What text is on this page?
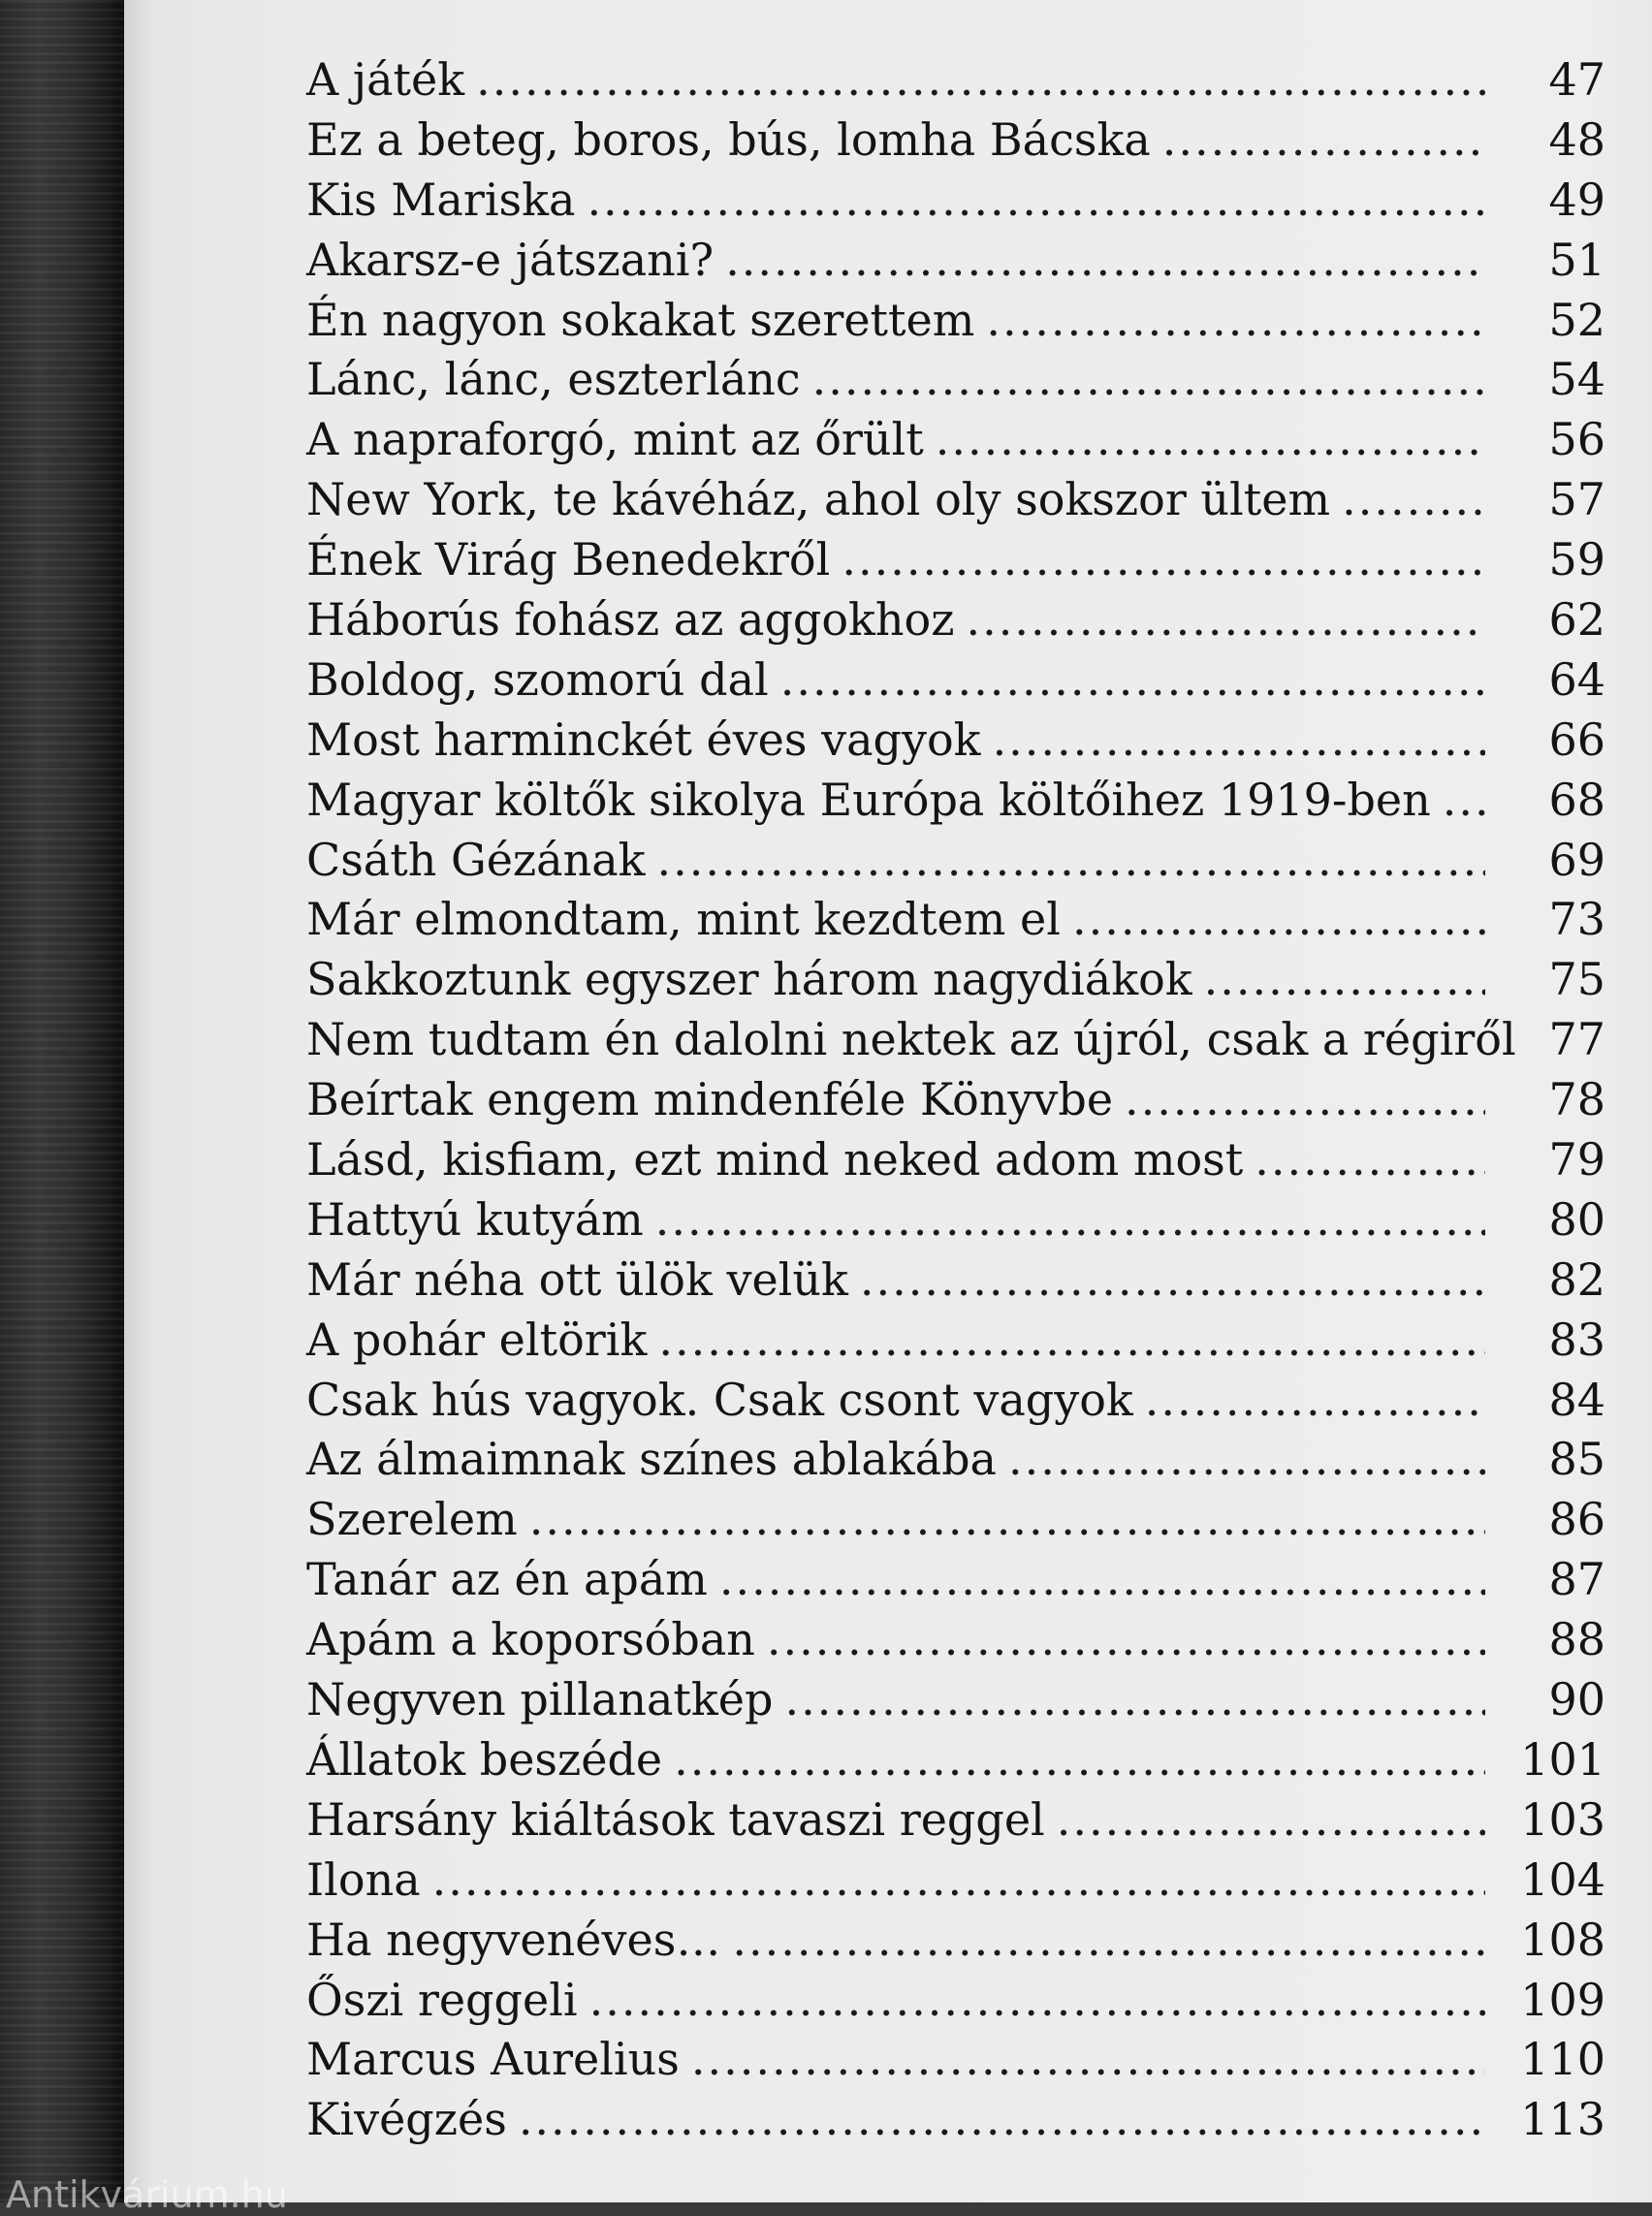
A játék
.....	47
Ez a beteg, boros, bús, lomha Bácska
.....	48
Kis Mariska
.....	49
Akarsz-e játszani?
.....	51
Én nagyon sokakat szerettem
.....	52
Lánc, lánc, eszterlánc
.....	54
A napraforgó, mint az őrült
.....	56
New York, te kávéház, ahol oly sokszor ültem
.....	57
Ének Virág Benedekről
.....	59
Háborús fohász az aggokhoz
.....	62
Boldog, szomorú dal
.....	64
Most harminckét éves vagyok
.....	66
Magyar költők sikolya Európa költőihez 1919-ben
.....	68
Csáth Gézának
.....	69
Már elmondtam, mint kezdtem el
.....	73
Sakkoztunk egyszer három nagydiákok
.....	75
Nem tudtam én dalolni nektek az újról, csak a régiről 77
Beírtak engem mindenféle Könyvbe
.....	78
Lásd, kisfiam, ezt mind neked adom most
.....	79
Hattyú kutyám
.....	80
Már néha ott ülök velük
.....	82
A pohár eltörik
.....	83
Csak hús vagyok. Csak csont vagyok
.....	84
Az álmaimnak színes ablakába
.....	85
Szerelem
.....	86
Tanár az én apám
.....	87
Apám a koporsóban
.....	88
Negyven pillanatkép
.....	90
Állatok beszéde
.....	101
Harsány kiáltások tavaszi reggel
.....	103
Ilona
.....	104
Ha negyvenéves…
.....	108
Őszi reggeli
.....	109
Marcus Aurelius
.....	110
Kivégzés
.....	113
Antikvárium.hu
